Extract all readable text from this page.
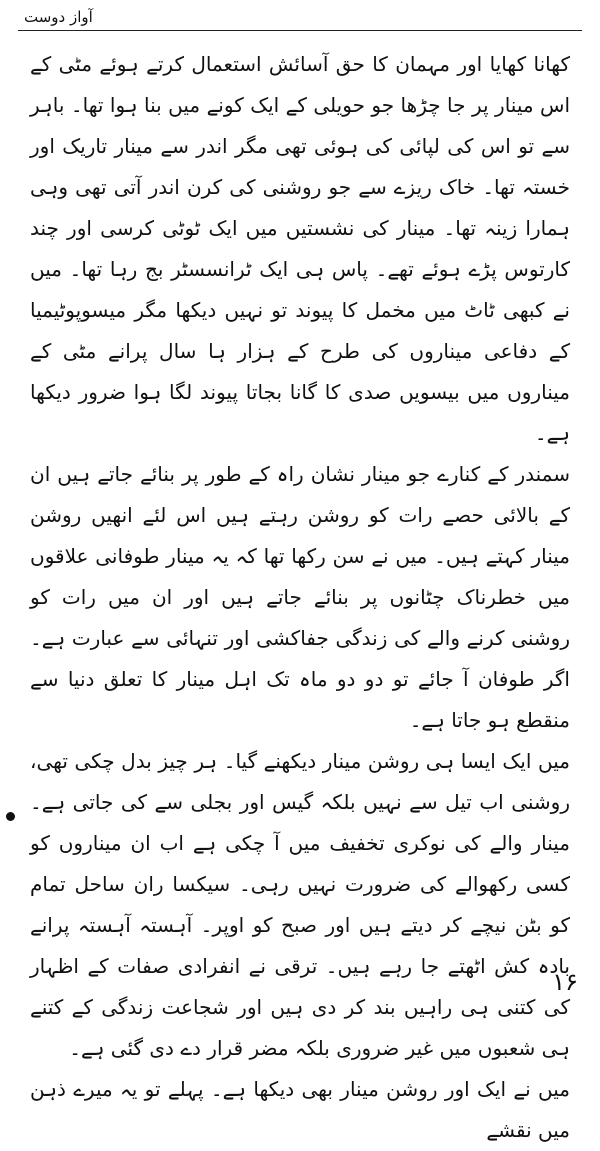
آواز دوست

کھانا کھایا اور مہمان کا حق آسائش استعمال کرتے ہوئے مٹی کے اس مینار پر جا چڑھا جو حویلی کے ایک کونے میں بنا ہوا تھا۔ باہر سے تو اس کی لپائی کی ہوئی تھی مگر اندر سے مینار تاریک اور خستہ تھا۔ خاک ریزے سے جو روشنی کی کرن اندر آتی تھی وہی ہمارا زینہ تھا۔ مینار کی نشستیں میں ایک ٹوٹی کرسی اور چند کارتوس پڑے ہوئے تھے۔ پاس ہی ایک ٹرانسسٹر بج رہا تھا۔ میں نے کبھی ٹاٹ میں مخمل کا پیوند تو نہیں دیکھا مگر میسوپوٹیمیا کے دفاعی میناروں کی طرح کے ہزار ہا سال پرانے مٹی کے میناروں میں بیسویں صدی کا گانا بجاتا پیوند لگا ہوا ضرور دیکھا ہے۔

سمندر کے کنارے جو مینار نشان راہ کے طور پر بنائے جاتے ہیں ان کے بالائی حصے رات کو روشن رہتے ہیں اس لئے انھیں روشن مینار کہتے ہیں۔ میں نے سن رکھا تھا کہ یہ مینار طوفانی علاقوں میں خطرناک چٹانوں پر بنائے جاتے ہیں اور ان میں رات کو روشنی کرنے والے کی زندگی جفاکشی اور تنہائی سے عبارت ہے۔ اگر طوفان آ جائے تو دو دو ماہ تک اہل مینار کا تعلق دنیا سے منقطع ہو جاتا ہے۔

میں ایک ایسا ہی روشن مینار دیکھنے گیا۔ ہر چیز بدل چکی تھی، روشنی اب تیل سے نہیں بلکہ گیس اور بجلی سے کی جاتی ہے۔ مینار والے کی نوکری تخفیف میں آ چکی ہے اب ان میناروں کو کسی رکھوالے کی ضرورت نہیں رہی۔ سیکسا ران ساحل تمام کو بٹن نیچے کر دیتے ہیں اور صبح کو اوپر۔ آہستہ آہستہ پرانے بادہ کش اٹھتے جا رہے ہیں۔ ترقی نے انفرادی صفات کے اظہار کی کتنی ہی راہیں بند کر دی ہیں اور شجاعت زندگی کے کتنے ہی شعبوں میں غیر ضروری بلکہ مضر قرار دے دی گئی ہے۔

میں نے ایک اور روشن مینار بھی دیکھا ہے۔ پہلے تو یہ میرے ذہن میں نقشے

۱۶
